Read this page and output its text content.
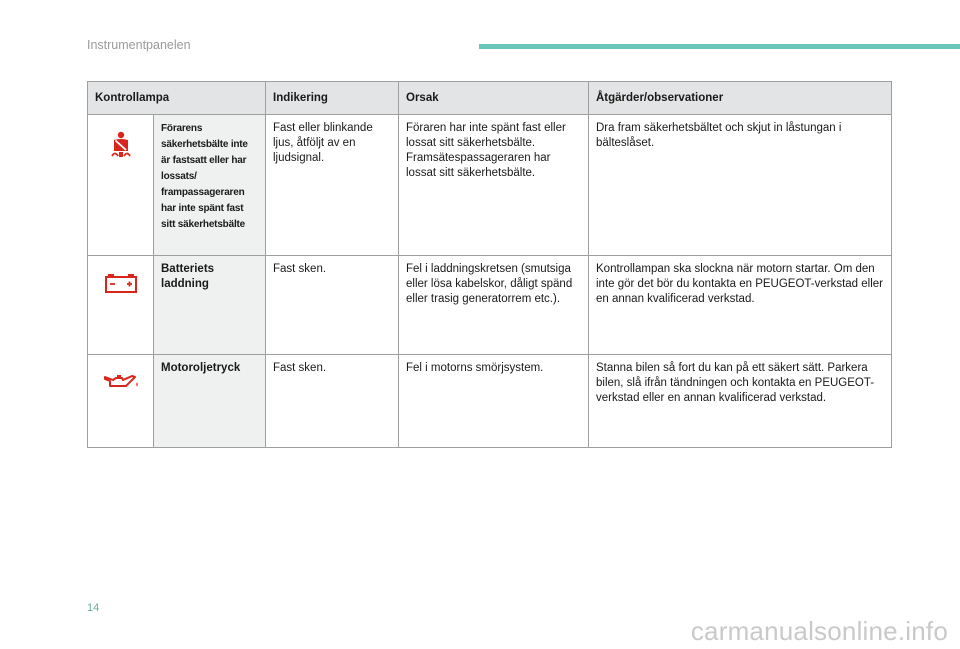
Instrumentpanelen
Kontrollampa		Indikering	Orsak	Åtgärder/observationer
	Förarens säkerhetsbälte inte är fastsatt eller har lossats/ frampassageraren har inte spänt fast sitt säkerhetsbälte	Fast eller blinkande ljus, åtföljt av en ljudsignal.	Föraren har inte spänt fast eller lossat sitt säkerhetsbälte. Framsätespassageraren har lossat sitt säkerhetsbälte.	Dra fram säkerhetsbältet och skjut in låstungan i bälteslåset.
	Batteriets laddning	Fast sken.	Fel i laddningskretsen (smutsiga eller lösa kabelskor, dåligt spänd eller trasig generatorrem etc.).	Kontrollampan ska slockna när motorn startar. Om den inte gör det bör du kontakta en PEUGEOT-verkstad eller en annan kvalificerad verkstad.
	Motoroljetryck	Fast sken.	Fel i motorns smörjsystem.	Stanna bilen så fort du kan på ett säkert sätt. Parkera bilen, slå ifrån tändningen och kontakta en PEUGEOT-verkstad eller en annan kvalificerad verkstad.
14
carmanualsonline.info
